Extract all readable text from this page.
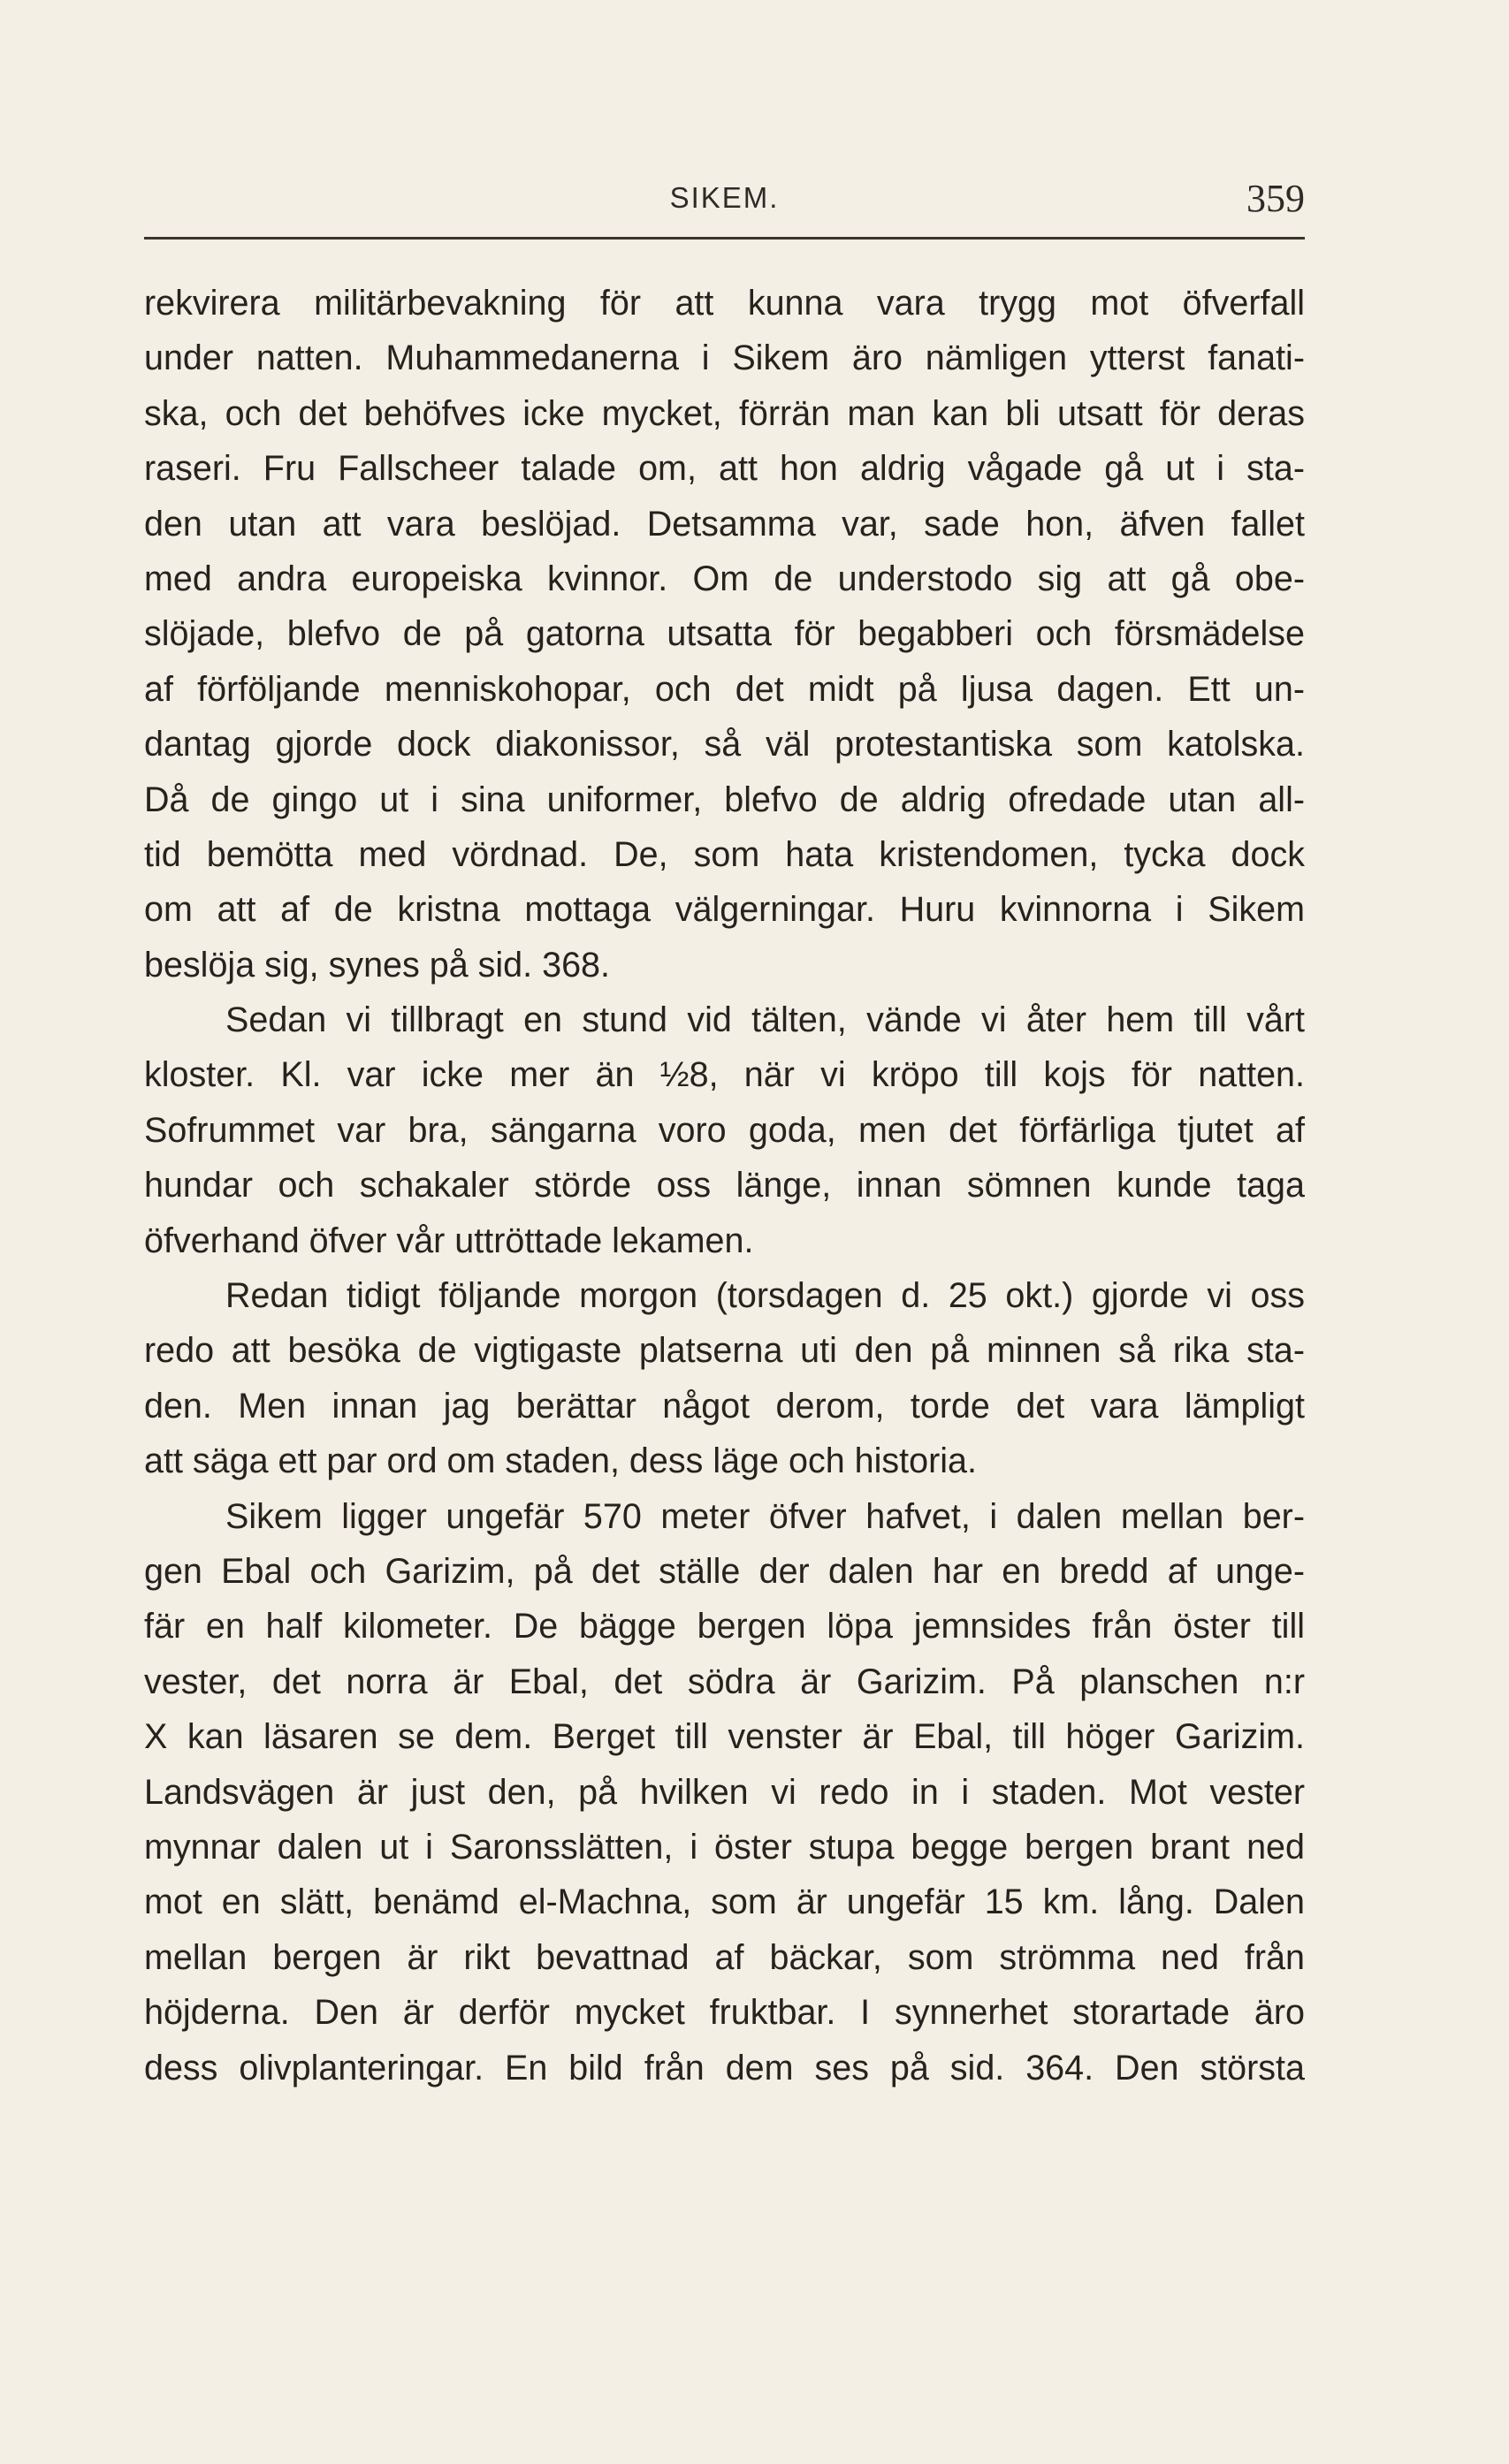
SIKEM.	359
rekvirera militärbevakning för att kunna vara trygg mot öfverfall
under natten. Muhammedanerna i Sikem äro nämligen ytterst fanati-
ska, och det behöfves icke mycket, förrän man kan bli utsatt för deras
raseri. Fru Fallscheer talade om, att hon aldrig vågade gå ut i sta-
den utan att vara beslöjad. Detsamma var, sade hon, äfven fallet
med andra europeiska kvinnor. Om de understodo sig att gå obe-
slöjade, blefvo de på gatorna utsatta för begabberi och försmädelse
af förföljande menniskohopar, och det midt på ljusa dagen. Ett un-
dantag gjorde dock diakonissor, så väl protestantiska som katolska.
Då de gingo ut i sina uniformer, blefvo de aldrig ofredade utan all-
tid bemötta med vördnad. De, som hata kristendomen, tycka dock
om att af de kristna mottaga välgerningar. Huru kvinnorna i Sikem
beslöja sig, synes på sid. 368.
Sedan vi tillbragt en stund vid tälten, vände vi åter hem till vårt
kloster. Kl. var icke mer än ½8, när vi kröpo till kojs för natten.
Sofrummet var bra, sängarna voro goda, men det förfärliga tjutet af
hundar och schakaler störde oss länge, innan sömnen kunde taga
öfverhand öfver vår uttröttade lekamen.
Redan tidigt följande morgon (torsdagen d. 25 okt.) gjorde vi oss
redo att besöka de vigtigaste platserna uti den på minnen så rika sta-
den. Men innan jag berättar något derom, torde det vara lämpligt
att säga ett par ord om staden, dess läge och historia.
Sikem ligger ungefär 570 meter öfver hafvet, i dalen mellan ber-
gen Ebal och Garizim, på det ställe der dalen har en bredd af unge-
fär en half kilometer. De bägge bergen löpa jemnsides från öster till
vester, det norra är Ebal, det södra är Garizim. På planschen n:r
X kan läsaren se dem. Berget till venster är Ebal, till höger Garizim.
Landsvägen är just den, på hvilken vi redo in i staden. Mot vester
mynnar dalen ut i Saronsslätten, i öster stupa begge bergen brant ned
mot en slätt, benämd el-Machna, som är ungefär 15 km. lång. Dalen
mellan bergen är rikt bevattnad af bäckar, som strömma ned från
höjderna. Den är derför mycket fruktbar. I synnerhet storartade äro
dess olivplanteringar. En bild från dem ses på sid. 364. Den största
